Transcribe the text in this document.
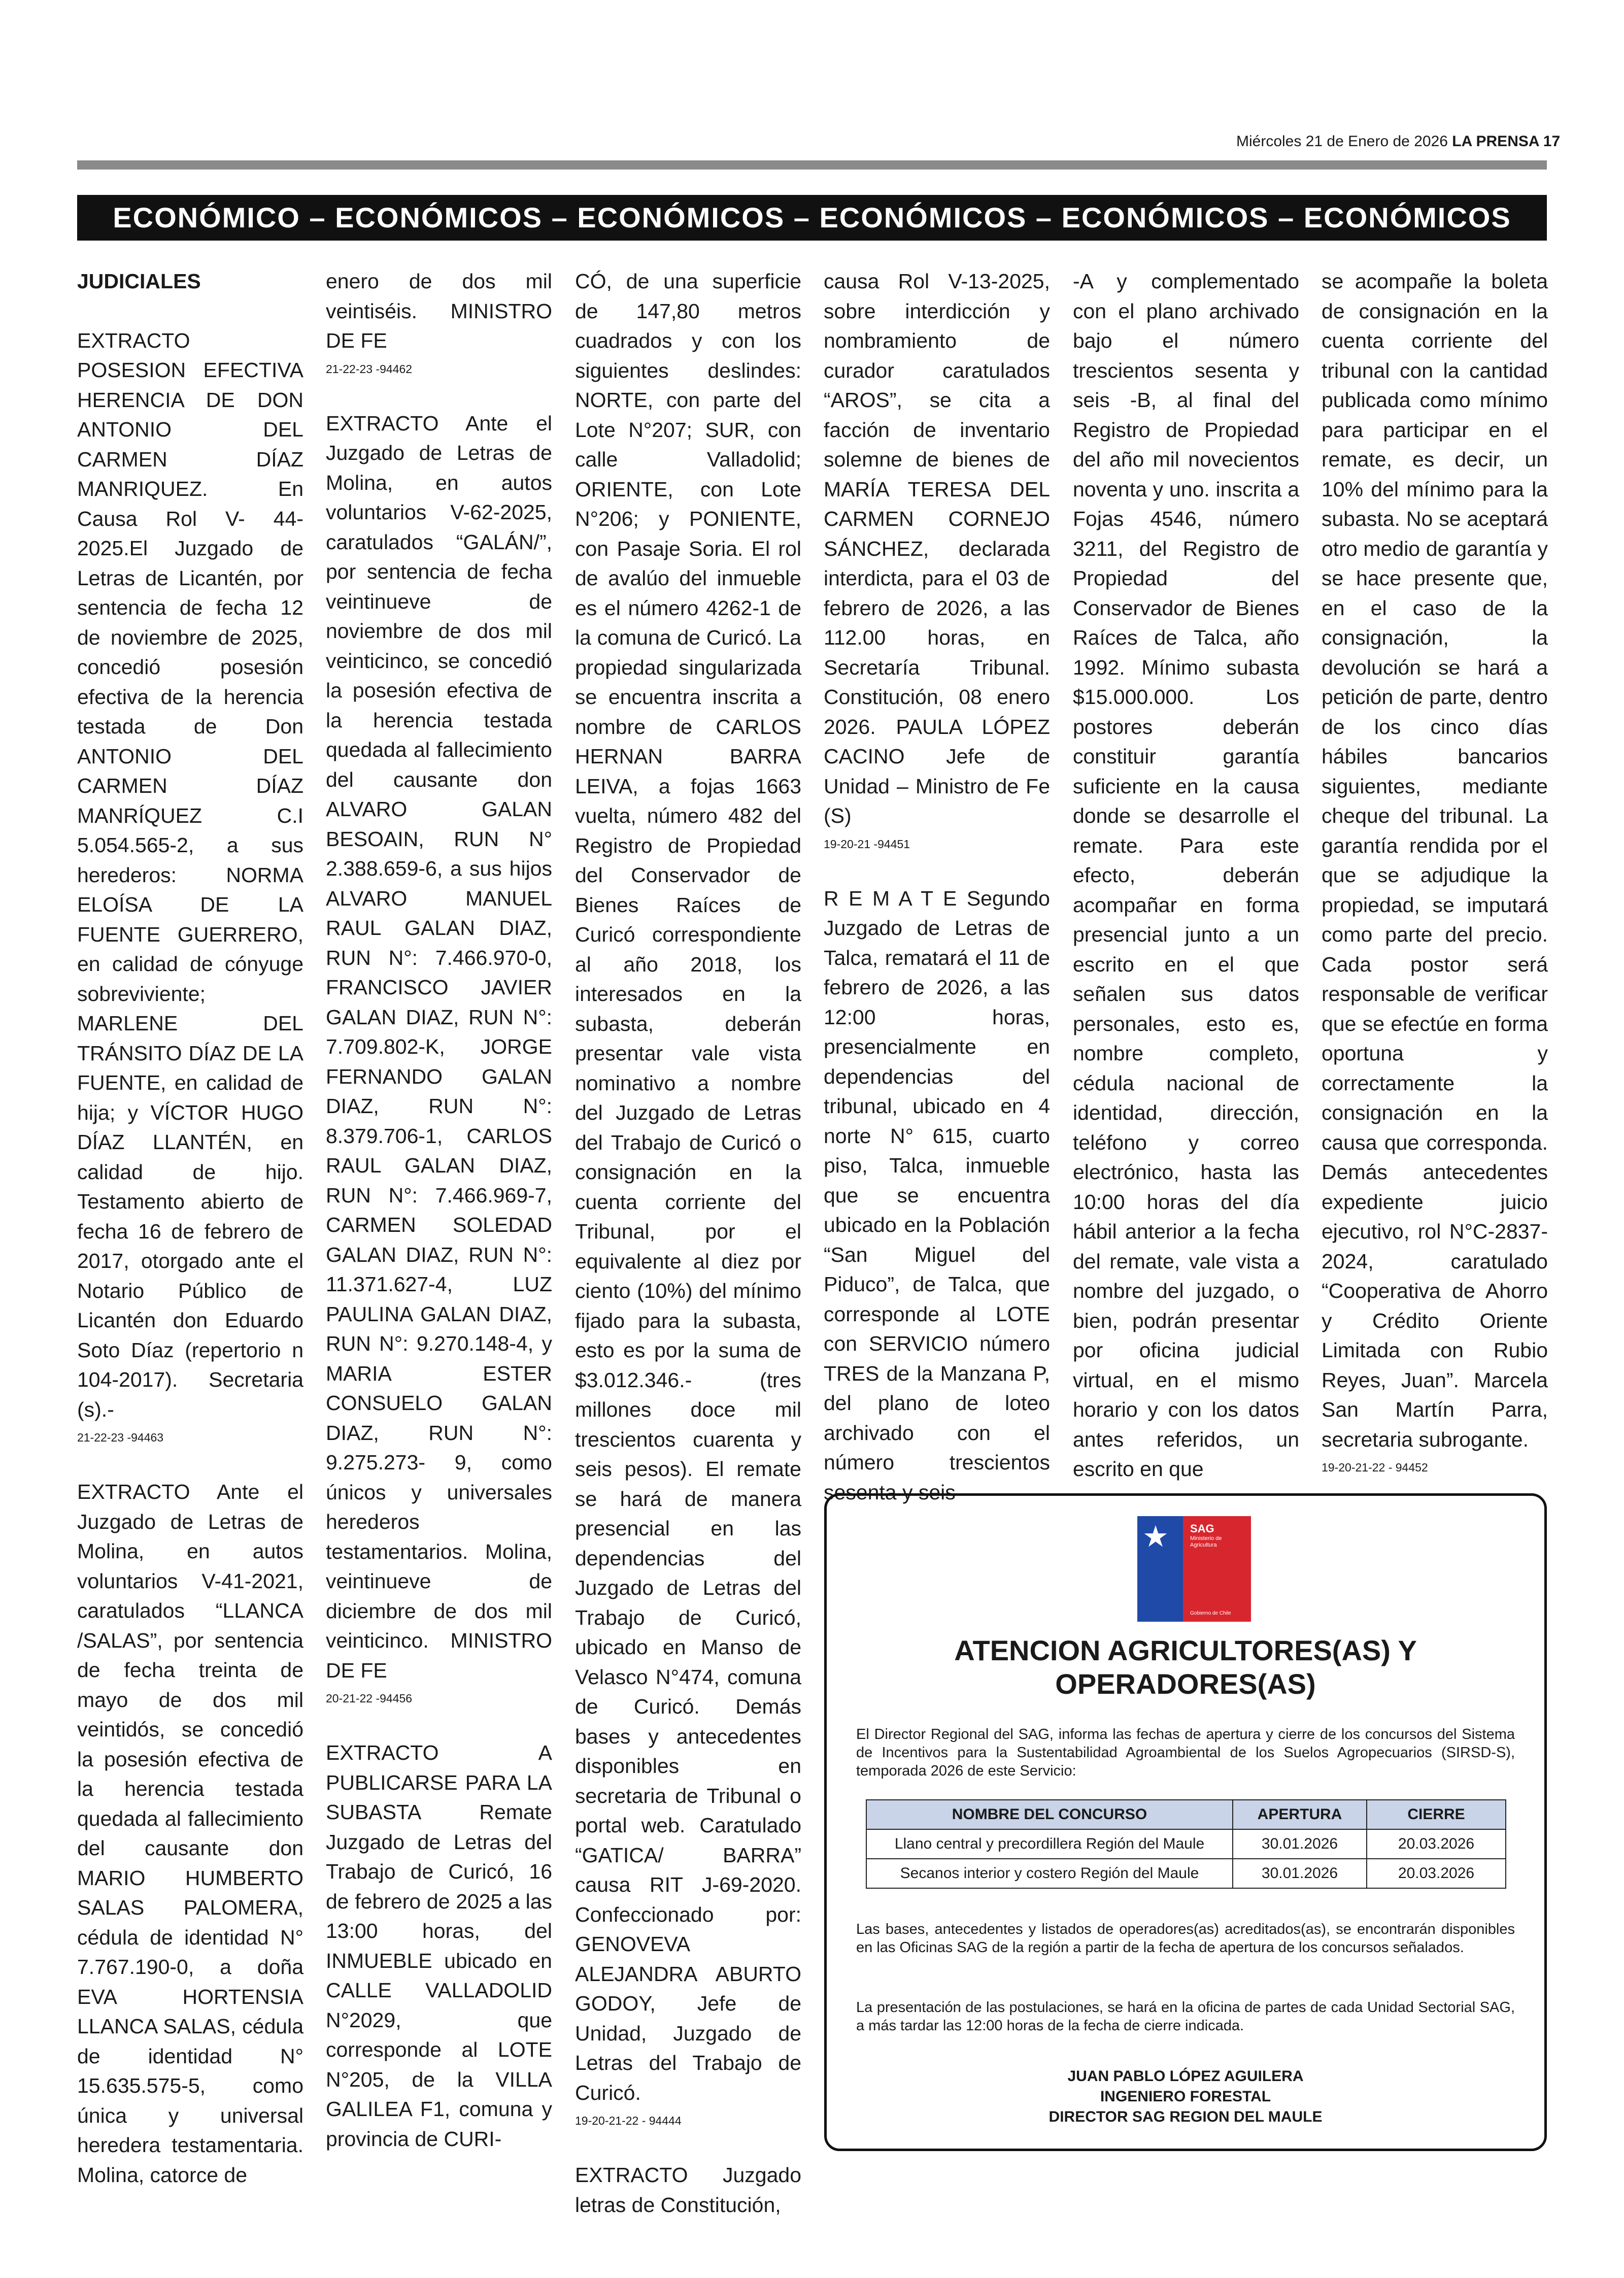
Miércoles 21 de Enero de 2026 LA PRENSA 17
ECONÓMICO – ECONÓMICOS – ECONÓMICOS – ECONÓMICOS – ECONÓMICOS – ECONÓMICOS

JUDICIALES

EXTRACTO POSESION EFECTIVA HERENCIA DE DON ANTONIO DEL CARMEN DÍAZ MANRIQUEZ. En Causa Rol V- 44-2025.El Juzgado de Letras de Licantén, por sentencia de fecha 12 de noviembre de 2025, concedió posesión efectiva de la herencia testada de Don ANTONIO DEL CARMEN DÍAZ MANRÍQUEZ C.I 5.054.565-2, a sus herederos: NORMA ELOÍSA DE LA FUENTE GUERRERO, en calidad de cónyuge sobreviviente; MARLENE DEL TRÁNSITO DÍAZ DE LA FUENTE, en calidad de hija; y VÍCTOR HUGO DÍAZ LLANTÉN, en calidad de hijo. Testamento abierto de fecha 16 de febrero de 2017, otorgado ante el Notario Público de Licantén don Eduardo Soto Díaz (repertorio n 104-2017). Secretaria (s).-

21-22-23 -94463

EXTRACTO Ante el Juzgado de Letras de Molina, en autos voluntarios V-41-2021, caratulados “LLANCA /SALAS”, por sentencia de fecha treinta de mayo de dos mil veintidós, se concedió la posesión efectiva de la herencia testada quedada al fallecimiento del causante don MARIO HUMBERTO SALAS PALOMERA, cédula de identidad N° 7.767.190-0, a doña EVA HORTENSIA LLANCA SALAS, cédula de identidad N° 15.635.575-5, como única y universal heredera testamentaria. Molina, catorce de

enero de dos mil veintiséis. MINISTRO DE FE

21-22-23 -94462

EXTRACTO Ante el Juzgado de Letras de Molina, en autos voluntarios V-62-2025, caratulados “GALÁN/”, por sentencia de fecha veintinueve de noviembre de dos mil veinticinco, se concedió la posesión efectiva de la herencia testada quedada al fallecimiento del causante don ALVARO GALAN BESOAIN, RUN N° 2.388.659-6, a sus hijos ALVARO MANUEL RAUL GALAN DIAZ, RUN N°: 7.466.970-0, FRANCISCO JAVIER GALAN DIAZ, RUN N°: 7.709.802-K, JORGE FERNANDO GALAN DIAZ, RUN N°: 8.379.706-1, CARLOS RAUL GALAN DIAZ, RUN N°: 7.466.969-7, CARMEN SOLEDAD GALAN DIAZ, RUN N°: 11.371.627-4, LUZ PAULINA GALAN DIAZ, RUN N°: 9.270.148-4, y MARIA ESTER CONSUELO GALAN DIAZ, RUN N°: 9.275.273- 9, como únicos y universales herederos testamentarios. Molina, veintinueve de diciembre de dos mil veinticinco. MINISTRO DE FE

20-21-22 -94456

EXTRACTO A PUBLICARSE PARA LA SUBASTA Remate Juzgado de Letras del Trabajo de Curicó, 16 de febrero de 2025 a las 13:00 horas, del INMUEBLE ubicado en CALLE VALLADOLID N°2029, que corresponde al LOTE N°205, de la VILLA GALILEA F1, comuna y provincia de CURI-

CÓ, de una superficie de 147,80 metros cuadrados y con los siguientes deslindes: NORTE, con parte del Lote N°207; SUR, con calle Valladolid; ORIENTE, con Lote N°206; y PONIENTE, con Pasaje Soria. El rol de avalúo del inmueble es el número 4262-1 de la comuna de Curicó. La propiedad singularizada se encuentra inscrita a nombre de CARLOS HERNAN BARRA LEIVA, a fojas 1663 vuelta, número 482 del Registro de Propiedad del Conservador de Bienes Raíces de Curicó correspondiente al año 2018, los interesados en la subasta, deberán presentar vale vista nominativo a nombre del Juzgado de Letras del Trabajo de Curicó o consignación en la cuenta corriente del Tribunal, por el equivalente al diez por ciento (10%) del mínimo fijado para la subasta, esto es por la suma de $3.012.346.- (tres millones doce mil trescientos cuarenta y seis pesos). El remate se hará de manera presencial en las dependencias del Juzgado de Letras del Trabajo de Curicó, ubicado en Manso de Velasco N°474, comuna de Curicó. Demás bases y antecedentes disponibles en secretaria de Tribunal o portal web. Caratulado “GATICA/ BARRA” causa RIT J-69-2020. Confeccionado por: GENOVEVA ALEJANDRA ABURTO GODOY, Jefe de Unidad, Juzgado de Letras del Trabajo de Curicó.

19-20-21-22 - 94444

EXTRACTO Juzgado letras de Constitución,

causa Rol V-13-2025, sobre interdicción y nombramiento de curador caratulados “AROS”, se cita a facción de inventario solemne de bienes de MARÍA TERESA DEL CARMEN CORNEJO SÁNCHEZ, declarada interdicta, para el 03 de febrero de 2026, a las 112.00 horas, en Secretaría Tribunal. Constitución, 08 enero 2026. PAULA LÓPEZ CACINO Jefe de Unidad – Ministro de Fe (S)

19-20-21 -94451

R E M A T E Segundo Juzgado de Letras de Talca, rematará el 11 de febrero de 2026, a las 12:00 horas, presencialmente en dependencias del tribunal, ubicado en 4 norte N° 615, cuarto piso, Talca, inmueble que se encuentra ubicado en la Población “San Miguel del Piduco”, de Talca, que corresponde al LOTE con SERVICIO número TRES de la Manzana P, del plano de loteo archivado con el número trescientos sesenta y seis

-A y complementado con el plano archivado bajo el número trescientos sesenta y seis -B, al final del Registro de Propiedad del año mil novecientos noventa y uno. inscrita a Fojas 4546, número 3211, del Registro de Propiedad del Conservador de Bienes Raíces de Talca, año 1992. Mínimo subasta $15.000.000. Los postores deberán constituir garantía suficiente en la causa donde se desarrolle el remate. Para este efecto, deberán acompañar en forma presencial junto a un escrito en el que señalen sus datos personales, esto es, nombre completo, cédula nacional de identidad, dirección, teléfono y correo electrónico, hasta las 10:00 horas del día hábil anterior a la fecha del remate, vale vista a nombre del juzgado, o bien, podrán presentar por oficina judicial virtual, en el mismo horario y con los datos antes referidos, un escrito en que

se acompañe la boleta de consignación en la cuenta corriente del tribunal con la cantidad publicada como mínimo para participar en el remate, es decir, un 10% del mínimo para la subasta. No se aceptará otro medio de garantía y se hace presente que, en el caso de la consignación, la devolución se hará a petición de parte, dentro de los cinco días hábiles bancarios siguientes, mediante cheque del tribunal. La garantía rendida por el que se adjudique la propiedad, se imputará como parte del precio. Cada postor será responsable de verificar que se efectúe en forma oportuna y correctamente la consignación en la causa que corresponda. Demás antecedentes expediente juicio ejecutivo, rol N°C-2837-2024, caratulado “Cooperativa de Ahorro y Crédito Oriente Limitada con Rubio Reyes, Juan”. Marcela San Martín Parra, secretaria subrogante.

19-20-21-22 - 94452
★ SAG
Ministerio de Agricultura
Gobierno de Chile
ATENCION AGRICULTORES(AS) Y
OPERADORES(AS)
El Director Regional del SAG, informa las fechas de apertura y cierre de los concursos del Sistema de Incentivos para la Sustentabilidad Agroambiental de los Suelos Agropecuarios (SIRSD-S), temporada 2026 de este Servicio:
NOMBRE DEL CONCURSO	APERTURA	CIERRE
Llano central y precordillera Región del Maule	30.01.2026	20.03.2026
Secanos interior y costero Región del Maule	30.01.2026	20.03.2026
Las bases, antecedentes y listados de operadores(as) acreditados(as), se encontrarán disponibles en las Oficinas SAG de la región a partir de la fecha de apertura de los concursos señalados.
La presentación de las postulaciones, se hará en la oficina de partes de cada Unidad Sectorial SAG, a más tardar las 12:00 horas de la fecha de cierre indicada.
JUAN PABLO LÓPEZ AGUILERA
INGENIERO FORESTAL
DIRECTOR SAG REGION DEL MAULE
